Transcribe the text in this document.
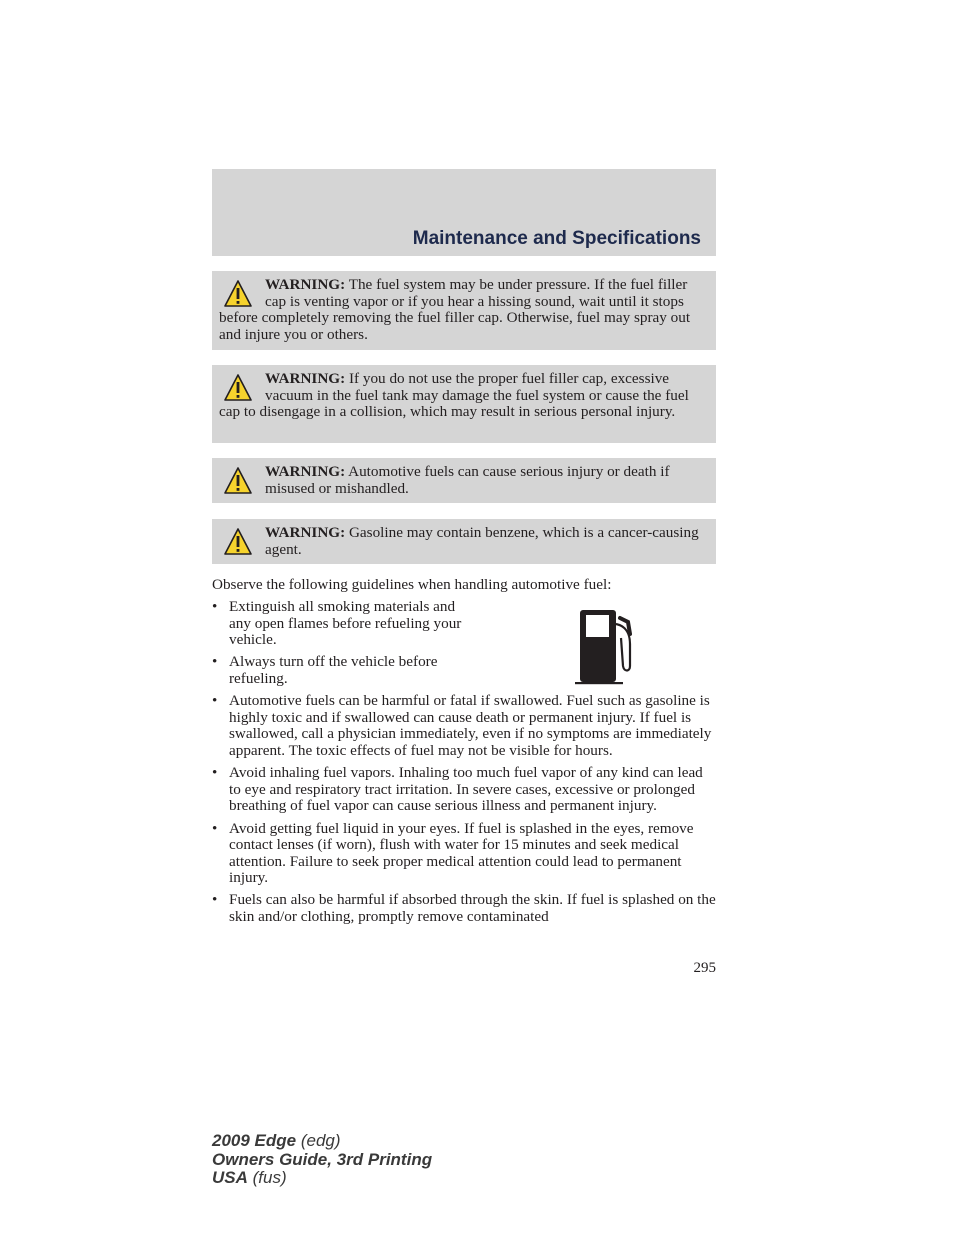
Maintenance and Specifications
WARNING: The fuel system may be under pressure. If the fuel filler cap is venting vapor or if you hear a hissing sound, wait until it stops before completely removing the fuel filler cap. Otherwise, fuel may spray out and injure you or others.
WARNING: If you do not use the proper fuel filler cap, excessive vacuum in the fuel tank may damage the fuel system or cause the fuel cap to disengage in a collision, which may result in serious personal injury.
WARNING: Automotive fuels can cause serious injury or death if misused or mishandled.
WARNING: Gasoline may contain benzene, which is a cancer-causing agent.
Observe the following guidelines when handling automotive fuel:
• Extinguish all smoking materials and any open flames before refueling your vehicle.
• Always turn off the vehicle before refueling.
• Automotive fuels can be harmful or fatal if swallowed. Fuel such as gasoline is highly toxic and if swallowed can cause death or permanent injury. If fuel is swallowed, call a physician immediately, even if no symptoms are immediately apparent. The toxic effects of fuel may not be visible for hours.
• Avoid inhaling fuel vapors. Inhaling too much fuel vapor of any kind can lead to eye and respiratory tract irritation. In severe cases, excessive or prolonged breathing of fuel vapor can cause serious illness and permanent injury.
• Avoid getting fuel liquid in your eyes. If fuel is splashed in the eyes, remove contact lenses (if worn), flush with water for 15 minutes and seek medical attention. Failure to seek proper medical attention could lead to permanent injury.
• Fuels can also be harmful if absorbed through the skin. If fuel is splashed on the skin and/or clothing, promptly remove contaminated
295
2009 Edge (edg)
Owners Guide, 3rd Printing
USA (fus)
